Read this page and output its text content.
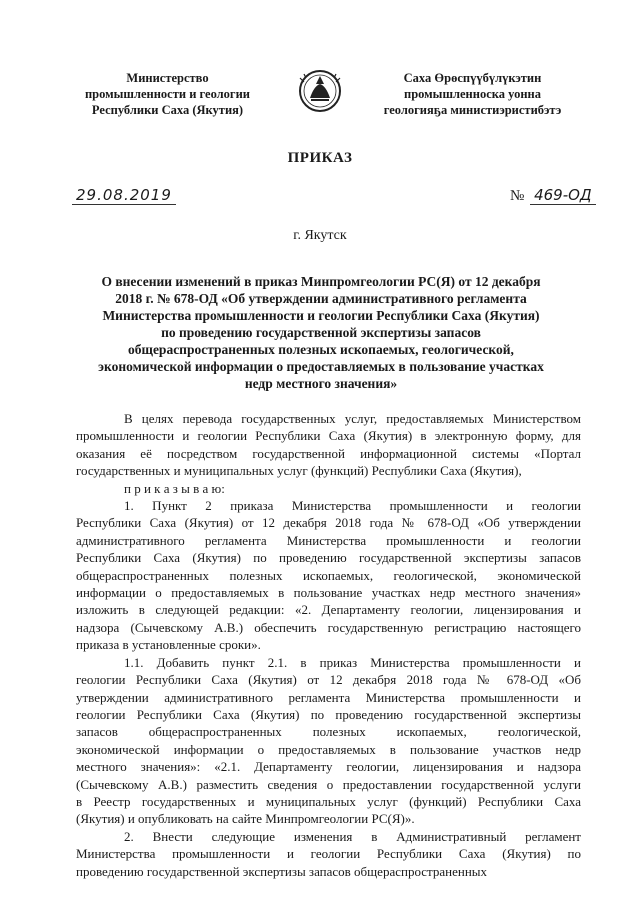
Министерство
промышленности и геологии
Республики Саха (Якутия)
Саха Өрөспүүбүлүкэтин
промышленноска уонна
геологияҕа министиэристибэтэ
ПРИКАЗ
29.08.2019	№ 469-ОД
г. Якутск
О внесении изменений в приказ Минпромгеологии РС(Я) от 12 декабря
2018 г. № 678-ОД «Об утверждении административного регламента
Министерства промышленности и геологии Республики Саха (Якутия)
по проведению государственной экспертизы запасов
общераспространенных полезных ископаемых, геологической,
экономической информации о предоставляемых в пользование участках
недр местного значения»
В целях перевода государственных услуг, предоставляемых Министерством
промышленности и геологии Республики Саха (Якутия) в электронную форму, для
оказания её посредством государственной информационной системы «Портал
государственных и муниципальных услуг (функций) Республики Саха (Якутия),
п р и к а з ы в а ю:
1. Пункт 2 приказа Министерства промышленности и геологии
Республики Саха (Якутия) от 12 декабря 2018 года № 678-ОД «Об утверждении
административного регламента Министерства промышленности и геологии
Республики Саха (Якутия) по проведению государственной экспертизы запасов
общераспространенных полезных ископаемых, геологической, экономической
информации о предоставляемых в пользование участках недр местного значения»
изложить в следующей редакции: «2. Департаменту геологии, лицензирования и
надзора (Сычевскому А.В.) обеспечить государственную регистрацию настоящего
приказа в установленные сроки».
1.1. Добавить пункт 2.1. в приказ Министерства промышленности и
геологии Республики Саха (Якутия) от 12 декабря 2018 года № 678-ОД «Об
утверждении административного регламента Министерства промышленности и
геологии Республики Саха (Якутия) по проведению государственной экспертизы
запасов общераспространенных полезных ископаемых, геологической,
экономической информации о предоставляемых в пользование участков недр
местного значения»: «2.1. Департаменту геологии, лицензирования и надзора
(Сычевскому А.В.) разместить сведения о предоставлении государственной услуги
в Реестр государственных и муниципальных услуг (функций) Республики Саха
(Якутия) и опубликовать на сайте Минпромгеологии РС(Я)».
2. Внести следующие изменения в Административный регламент
Министерства промышленности и геологии Республики Саха (Якутия) по
проведению государственной экспертизы запасов общераспространенных
